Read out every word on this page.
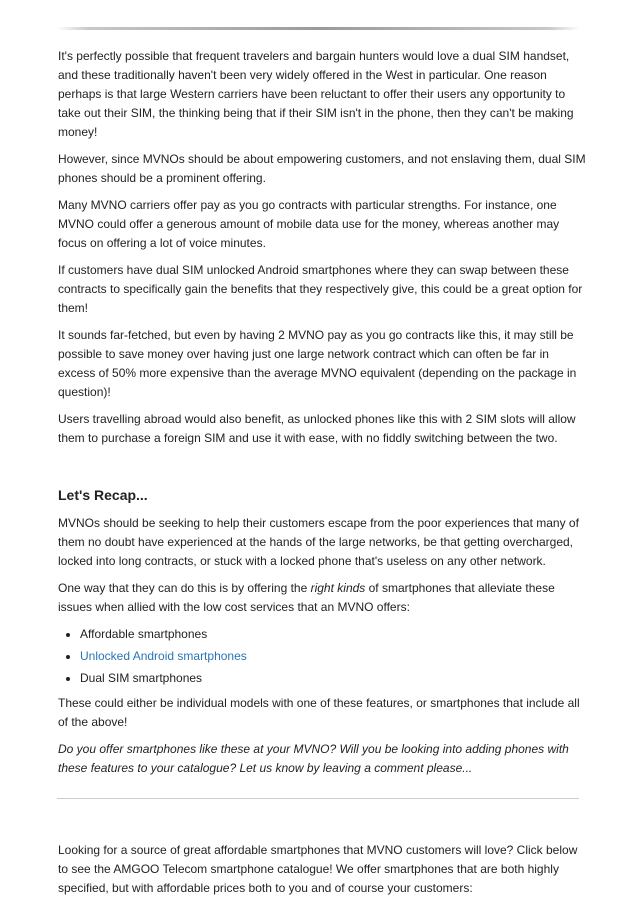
It's perfectly possible that frequent travelers and bargain hunters would love a dual SIM handset, and these traditionally haven't been very widely offered in the West in particular. One reason perhaps is that large Western carriers have been reluctant to offer their users any opportunity to take out their SIM, the thinking being that if their SIM isn't in the phone, then they can't be making money!

However, since MVNOs should be about empowering customers, and not enslaving them, dual SIM phones should be a prominent offering.

Many MVNO carriers offer pay as you go contracts with particular strengths. For instance, one MVNO could offer a generous amount of mobile data use for the money, whereas another may focus on offering a lot of voice minutes.

If customers have dual SIM unlocked Android smartphones where they can swap between these contracts to specifically gain the benefits that they respectively give, this could be a great option for them!

It sounds far-fetched, but even by having 2 MVNO pay as you go contracts like this, it may still be possible to save money over having just one large network contract which can often be far in excess of 50% more expensive than the average MVNO equivalent (depending on the package in question)!

Users travelling abroad would also benefit, as unlocked phones like this with 2 SIM slots will allow them to purchase a foreign SIM and use it with ease, with no fiddly switching between the two.

Let's Recap...

MVNOs should be seeking to help their customers escape from the poor experiences that many of them no doubt have experienced at the hands of the large networks, be that getting overcharged, locked into long contracts, or stuck with a locked phone that's useless on any other network.

One way that they can do this is by offering the right kinds of smartphones that alleviate these issues when allied with the low cost services that an MVNO offers:

• Affordable smartphones
• Unlocked Android smartphones
• Dual SIM smartphones

These could either be individual models with one of these features, or smartphones that include all of the above!

Do you offer smartphones like these at your MVNO? Will you be looking into adding phones with these features to your catalogue? Let us know by leaving a comment please...

Looking for a source of great affordable smartphones that MVNO customers will love? Click below to see the AMGOO Telecom smartphone catalogue! We offer smartphones that are both highly specified, but with affordable prices both to you and of course your customers:
